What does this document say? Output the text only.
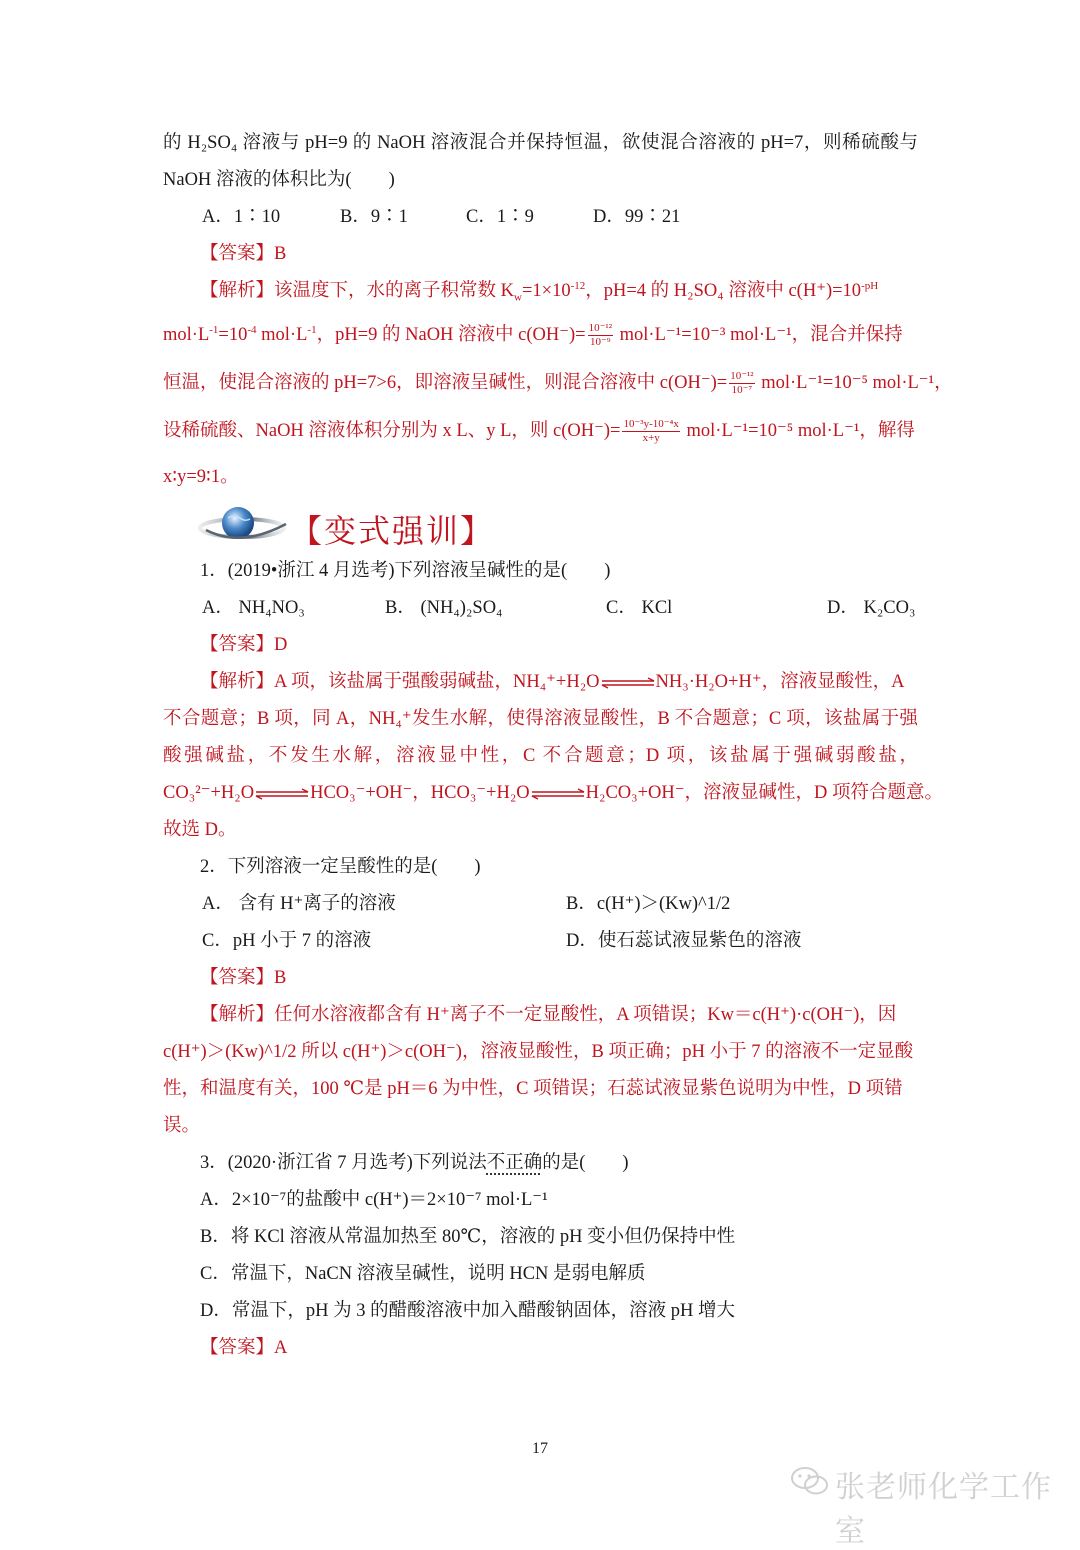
的 H₂SO₄ 溶液与 pH=9 的 NaOH 溶液混合并保持恒温，欲使混合溶液的 pH=7，则稀硫酸与
NaOH 溶液的体积比为(　　)
A．1∶10	B．9∶1	C．1∶9	D．99∶21
【答案】B
【解析】该温度下，水的离子积常数 $K_w=1\times 10^{-12}$，pH=4 的 H₂SO₄ 溶液中 $c(H^+)=10^{-pH}$
$mol\cdot L^{-1}=10^{-4}$ $mol\cdot L^{-1}$，pH=9 的 NaOH 溶液中 $c(OH^-)= \frac{\text{10⁻¹²}}{\text{10⁻⁹}} mol\cdot L^{-1}=10^{-3}$ mol·L⁻¹，混合并保持
恒温，使混合溶液的 pH=7>6，即溶液呈碱性，则混合溶液中 $c(OH^-)= \frac{\text{10⁻¹²}}{\text{10⁻⁷}} mol\cdot L^{-1}=10^{-5}$ mol·L⁻¹，
设稀硫酸、NaOH 溶液体积分别为 x L、y L，则 $c(OH^-)= \frac{\text{10⁻³y-10⁻⁴x}}{x+y} mol\cdot L^{-1}=10^{-5}$ mol·L⁻¹，解得
x∶y=9∶1。
【变式强训】
1．(2019•浙江 4 月选考)下列溶液呈碱性的是(　　)
A． NH₄NO₃	B． (NH₄)₂SO₄	C． KCl	D． K₂CO₃
【答案】D
【解析】A 项，该盐属于强酸弱碱盐，NH₄⁺+H₂O⇌NH₃·H₂O+H⁺，溶液显酸性，A
不合题意；B 项，同 A，NH₄⁺发生水解，使得溶液显酸性，B 不合题意；C 项，该盐属于强
酸强碱盐，不发生水解，溶液显中性，C 不合题意；D 项，该盐属于强碱弱酸盐，
CO₃²⁻+H₂O⇌HCO₃⁻+OH⁻，HCO₃⁻+H₂O⇌H₂CO₃+OH⁻，溶液显碱性，D 项符合题意。
故选 D。
2．下列溶液一定呈酸性的是(　　)
A． 含有 H⁺离子的溶液	B．c(H⁺)＞(Kw)^1/2
C．pH 小于 7 的溶液	D．使石蕊试液显紫色的溶液
【答案】B
【解析】任何水溶液都含有 H⁺离子不一定显酸性，A 项错误；Kw＝c(H⁺)·c(OH⁻)，因
c(H⁺)＞(Kw)^1/2 所以 c(H⁺)＞c(OH⁻)，溶液显酸性，B 项正确；pH 小于 7 的溶液不一定显酸
性，和温度有关，100 ℃是 pH＝6 为中性，C 项错误；石蕊试液显紫色说明为中性，D 项错
误。
3．(2020·浙江省 7 月选考)下列说法不正确的是(　　)
A．2×10⁻⁷的盐酸中 c(H⁺)＝2×10⁻⁷ mol·L⁻¹
B．将 KCl 溶液从常温加热至 80℃，溶液的 pH 变小但仍保持中性
C．常温下，NaCN 溶液呈碱性，说明 HCN 是弱电解质
D．常温下，pH 为 3 的醋酸溶液中加入醋酸钠固体，溶液 pH 增大
【答案】A
17
张老师化学工作室
